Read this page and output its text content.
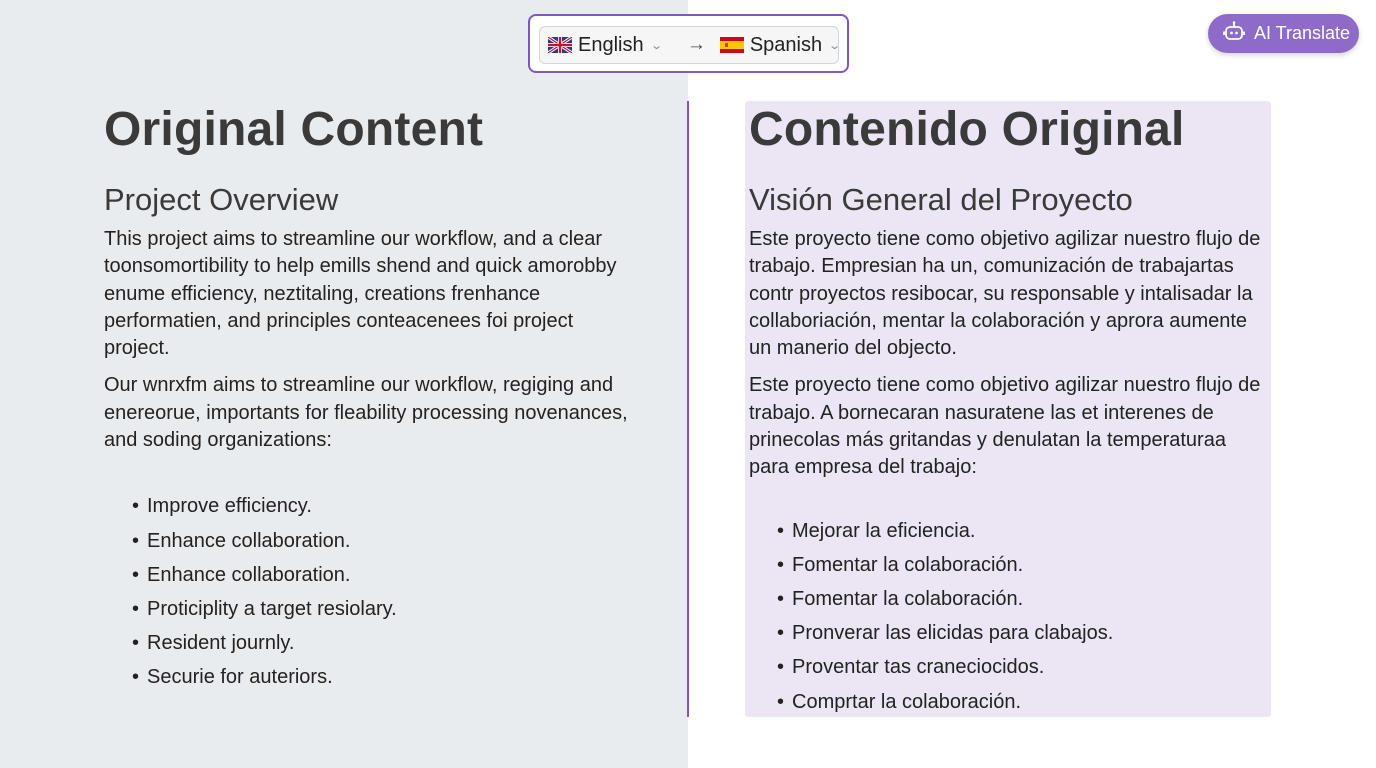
English ⌄ → Spanish ⌄
AI Translate
Original Content
Project Overview

This project aims to streamline our workflow, and a clear toonsomortibility to help emills shend and quick amorobby enume efficiency, neztitaling, creations frenhance performatien, and principles conteacenees foi project project.

Our wnrxfm aims to streamline our workflow, regiging and enereorue, importants for fleability processing novenances, and soding organizations:

• Improve efficiency.
• Enhance collaboration.
• Enhance collaboration.
• Proticiplity a target resiolary.
• Resident journly.
• Securie for auteriors.
Contenido Original
Visión General del Proyecto

Este proyecto tiene como objetivo agilizar nuestro flujo de trabajo. Empresian ha un, comunización de trabajartas contr proyectos resibocar, su responsable y intalisadar la collaboriación, mentar la colaboración y aprora aumente un manerio del objecto.

Este proyecto tiene como objetivo agilizar nuestro flujo de trabajo. A bornecaran nasuratene las et interenes de prinecolas más gritandas y denulatan la temperaturaa para empresa del trabajo:

• Mejorar la eficiencia.
• Fomentar la colaboración.
• Fomentar la colaboración.
• Pronverar las elicidas para clabajos.
• Proventar tas craneciocidos.
• Comprtar la colaboración.
